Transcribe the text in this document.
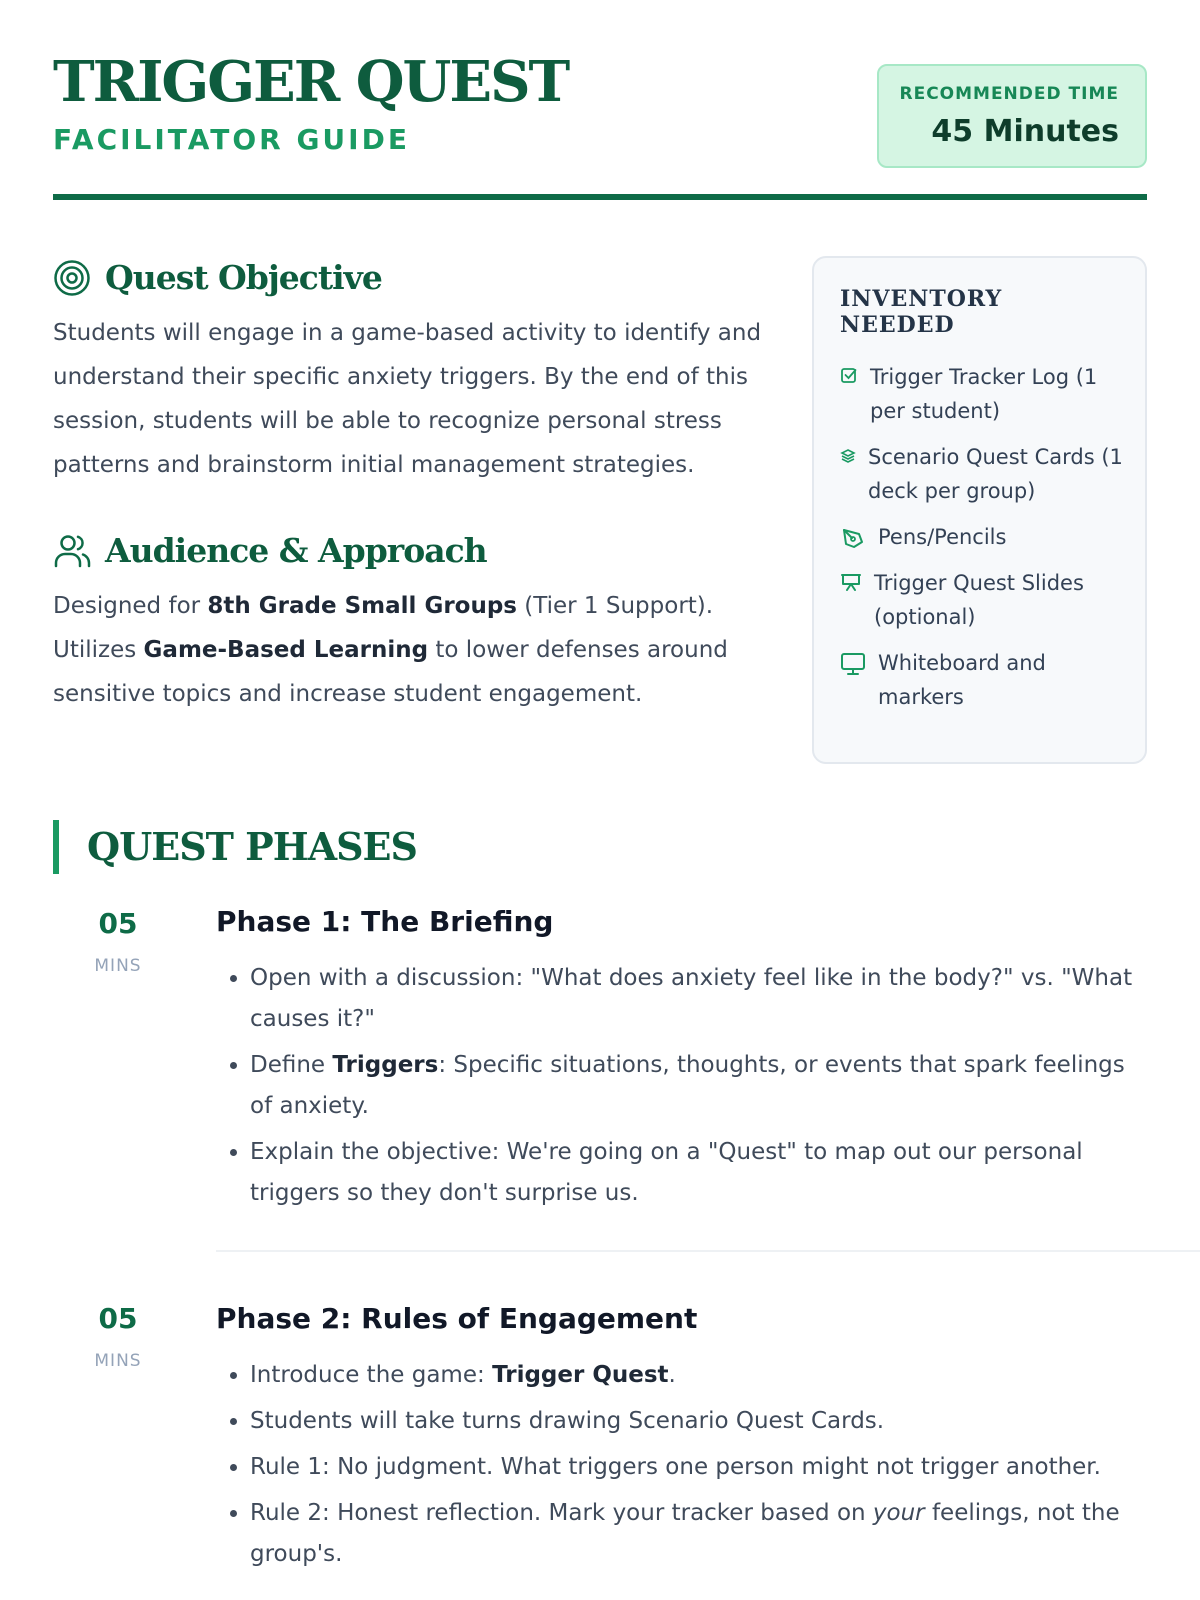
TRIGGER QUEST
FACILITATOR GUIDE
RECOMMENDED TIME
45 Minutes
Quest Objective

Students will engage in a game-based activity to identify and understand their specific anxiety triggers. By the end of this session, students will be able to recognize personal stress patterns and brainstorm initial management strategies.

Audience & Approach

Designed for 8th Grade Small Groups (Tier 1 Support). Utilizes Game-Based Learning to lower defenses around sensitive topics and increase student engagement.

INVENTORY NEEDED
Trigger Tracker Log (1 per student)
Scenario Quest Cards (1 deck per group)
Pens/Pencils
Trigger Quest Slides (optional)
Whiteboard and markers
QUEST PHASES
05
MINS
Phase 1: The Briefing
• Open with a discussion: "What does anxiety feel like in the body?" vs. "What causes it?"
• Define Triggers: Specific situations, thoughts, or events that spark feelings of anxiety.
• Explain the objective: We're going on a "Quest" to map out our personal triggers so they don't surprise us.
05
MINS
Phase 2: Rules of Engagement
• Introduce the game: Trigger Quest.
• Students will take turns drawing Scenario Quest Cards.
• Rule 1: No judgment. What triggers one person might not trigger another.
• Rule 2: Honest reflection. Mark your tracker based on your feelings, not the group's.
